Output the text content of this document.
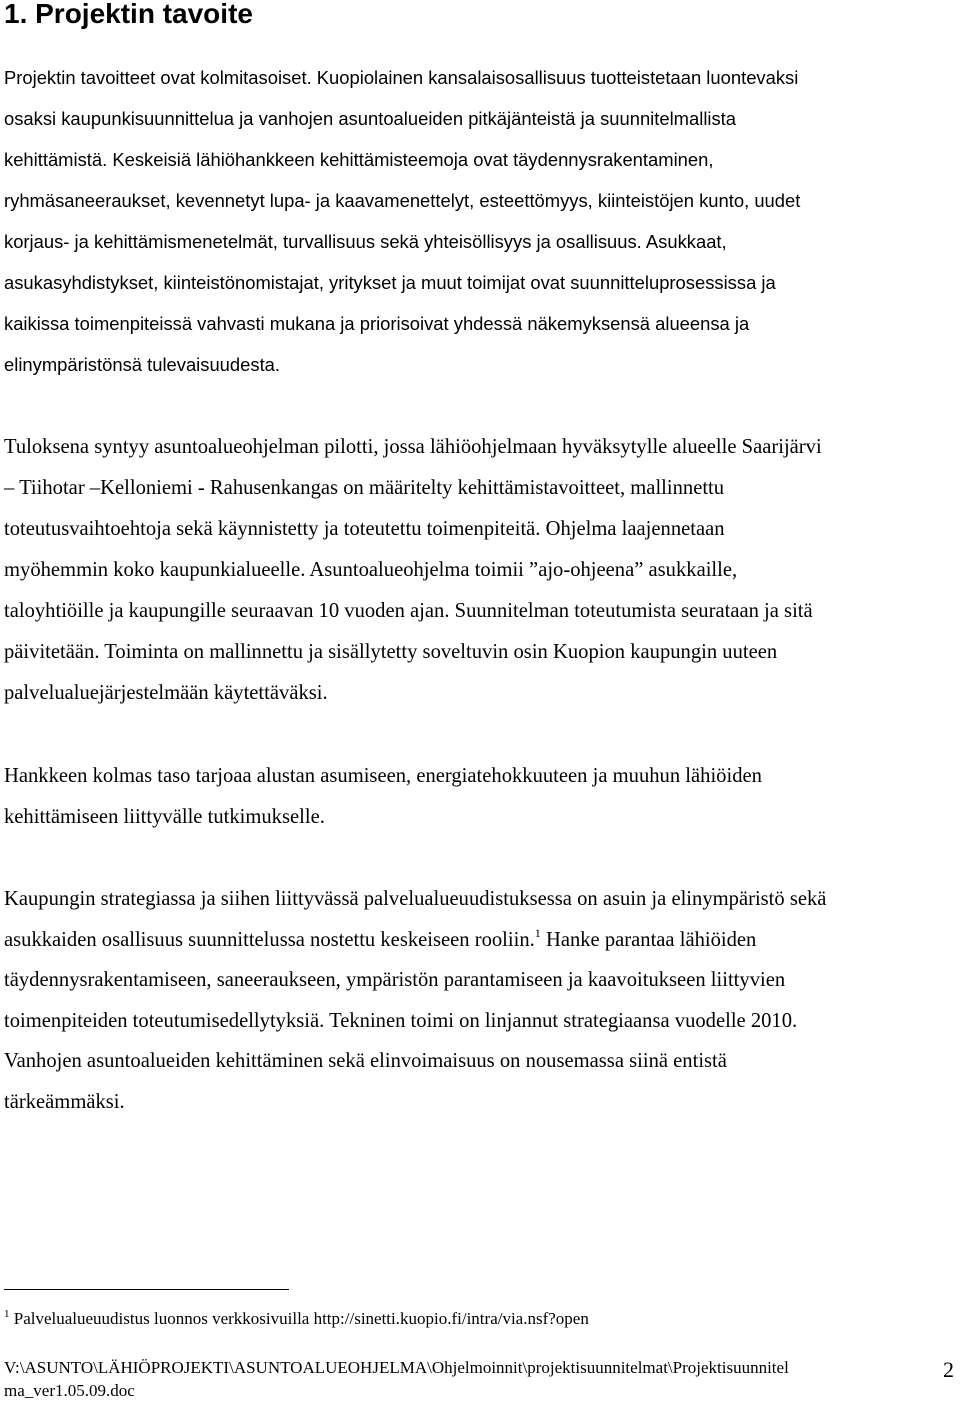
1. Projektin tavoite
Projektin tavoitteet ovat kolmitasoiset. Kuopiolainen kansalaisosallisuus tuotteistetaan luontevaksi
osaksi kaupunkisuunnittelua ja vanhojen asuntoalueiden pitkäjänteistä ja suunnitelmallista
kehittämistä. Keskeisiä lähiöhankkeen kehittämisteemoja ovat täydennysrakentaminen,
ryhmäsaneeraukset, kevennetyt lupa- ja kaavamenettelyt, esteettömyys, kiinteistöjen kunto, uudet
korjaus- ja kehittämismenetelmät, turvallisuus sekä yhteisöllisyys ja osallisuus. Asukkaat,
asukasyhdistykset, kiinteistönomistajat, yritykset ja muut toimijat ovat suunnitteluprosessissa ja
kaikissa toimenpiteissä vahvasti mukana ja priorisoivat yhdessä näkemyksensä alueensa ja
elinympäristönsä tulevaisuudesta.
Tuloksena syntyy asuntoalueohjelman pilotti, jossa lähiöohjelmaan hyväksytylle alueelle Saarijärvi
– Tiihotar –Kelloniemi - Rahusenkangas on määritelty kehittämistavoitteet, mallinnettu
toteutusvaihtoehtoja sekä käynnistetty ja toteutettu toimenpiteitä. Ohjelma laajennetaan
myöhemmin koko kaupunkialueelle. Asuntoalueohjelma toimii ”ajo-ohjeena” asukkaille,
taloyhtiöille ja kaupungille seuraavan 10 vuoden ajan. Suunnitelman toteutumista seurataan ja sitä
päivitetään. Toiminta on mallinnettu ja sisällytetty soveltuvin osin Kuopion kaupungin uuteen
palvelualuejärjestelmään käytettäväksi.
Hankkeen kolmas taso tarjoaa alustan asumiseen, energiatehokkuuteen ja muuhun lähiöiden
kehittämiseen liittyvälle tutkimukselle.
Kaupungin strategiassa ja siihen liittyvässä palvelualueuudistuksessa on asuin ja elinympäristö sekä
asukkaiden osallisuus suunnittelussa nostettu keskeiseen rooliin.$^1$ Hanke parantaa lähiöiden
täydennysrakentamiseen, saneeraukseen, ympäristön parantamiseen ja kaavoitukseen liittyvien
toimenpiteiden toteutumisedellytyksiä. Tekninen toimi on linjannut strategiaansa vuodelle 2010.
Vanhojen asuntoalueiden kehittäminen sekä elinvoimaisuus on nousemassa siinä entistä
tärkeämmäksi.

$^1$ Palvelualueuudistus luonnos verkkosivuilla http://sinetti.kuopio.fi/intra/via.nsf?open

V:\ASUNTO\LÄHIÖPROJEKTI\ASUNTOALUEOHJELMA\Ohjelmoinnit\projektisuunnitelmat\Projektisuunnitel ma_ver1.05.09.doc

2
